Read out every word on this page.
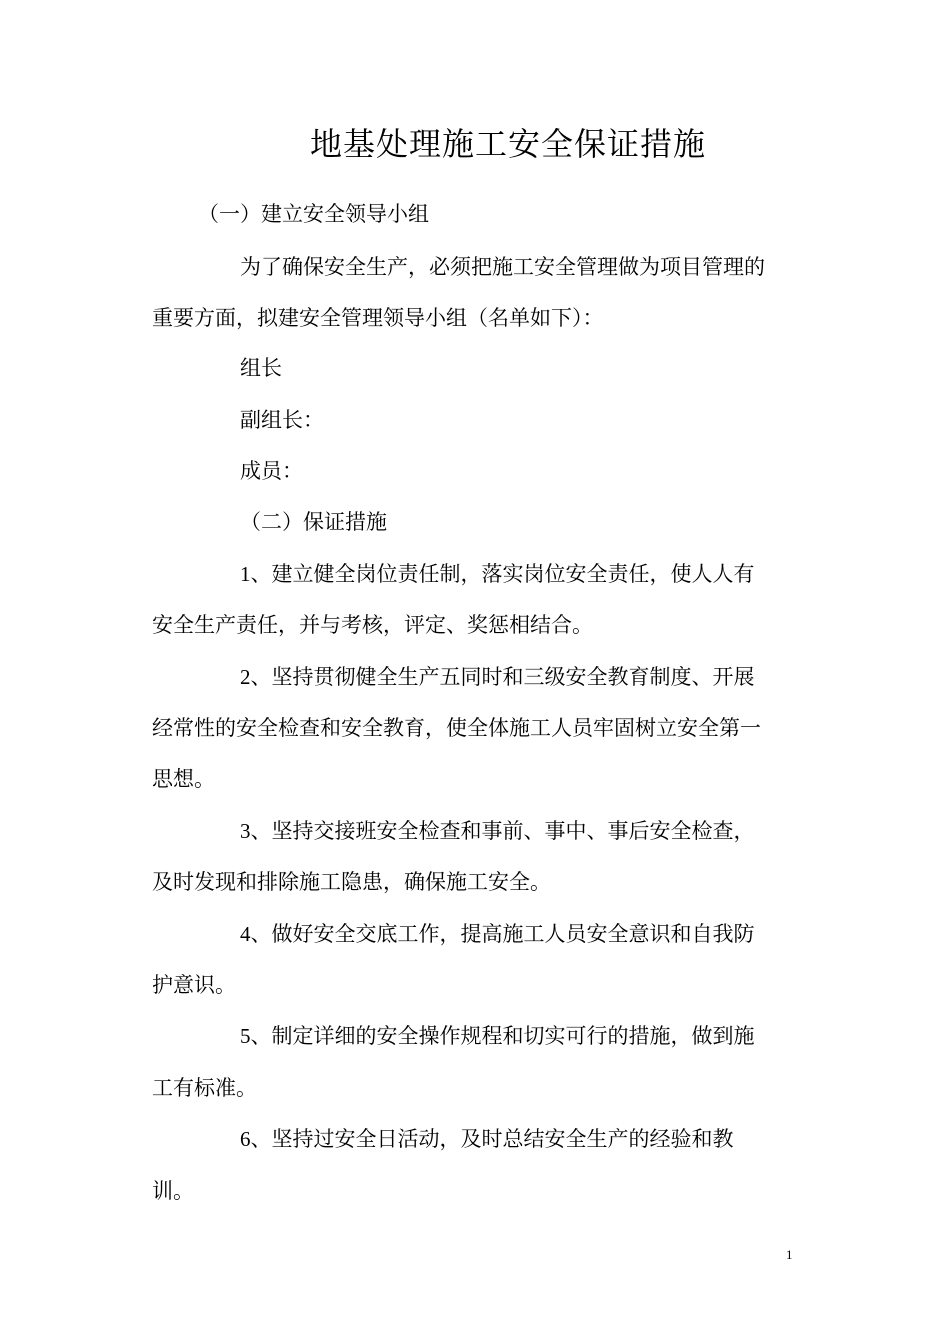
地基处理施工安全保证措施

（一）建立安全领导小组

为了确保安全生产，必须把施工安全管理做为项目管理的

重要方面，拟建安全管理领导小组（名单如下）：

组长

副组长：

成员：

（二）保证措施

1、建立健全岗位责任制，落实岗位安全责任，使人人有

安全生产责任，并与考核，评定、奖惩相结合。

2、坚持贯彻健全生产五同时和三级安全教育制度、开展

经常性的安全检查和安全教育，使全体施工人员牢固树立安全第一

思想。

3、坚持交接班安全检查和事前、事中、事后安全检查，

及时发现和排除施工隐患，确保施工安全。

4、做好安全交底工作，提高施工人员安全意识和自我防

护意识。

5、制定详细的安全操作规程和切实可行的措施，做到施

工有标准。

6、坚持过安全日活动，及时总结安全生产的经验和教

训。

1
